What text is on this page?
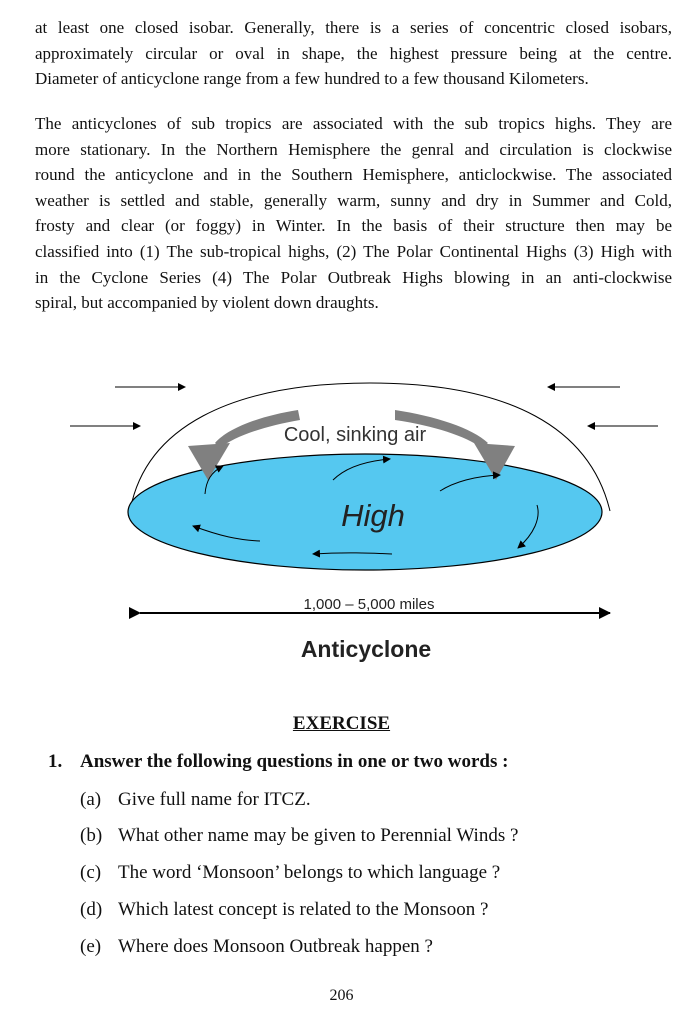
at least one closed isobar. Generally, there is a series of concentric closed isobars,
approximately circular or oval in shape, the highest pressure being at the centre.
Diameter of anticyclone range from a few hundred to a few thousand Kilometers.

The anticyclones of sub tropics are associated with the sub tropics highs. They are
more stationary. In the Northern Hemisphere the genral and circulation is clockwise
round the anticyclone and in the Southern Hemisphere, anticlockwise. The associated
weather is settled and stable, generally warm, sunny and dry in Summer and Cold,
frosty and clear (or foggy) in Winter. In the basis of their structure then may be
classified into (1) The sub-tropical highs, (2) The Polar Continental Highs (3) High with
in the Cyclone Series (4) The Polar Outbreak Highs blowing in an anti-clockwise
spiral, but accompanied by violent down draughts.

Cool, sinking air
High
1,000 – 5,000 miles
Anticyclone
EXERCISE
1. Answer the following questions in one or two words :
(a) Give full name for ITCZ.
(b) What other name may be given to Perennial Winds ?
(c) The word ‘Monsoon’ belongs to which language ?
(d) Which latest concept is related to the Monsoon ?
(e) Where does Monsoon Outbreak happen ?
206
